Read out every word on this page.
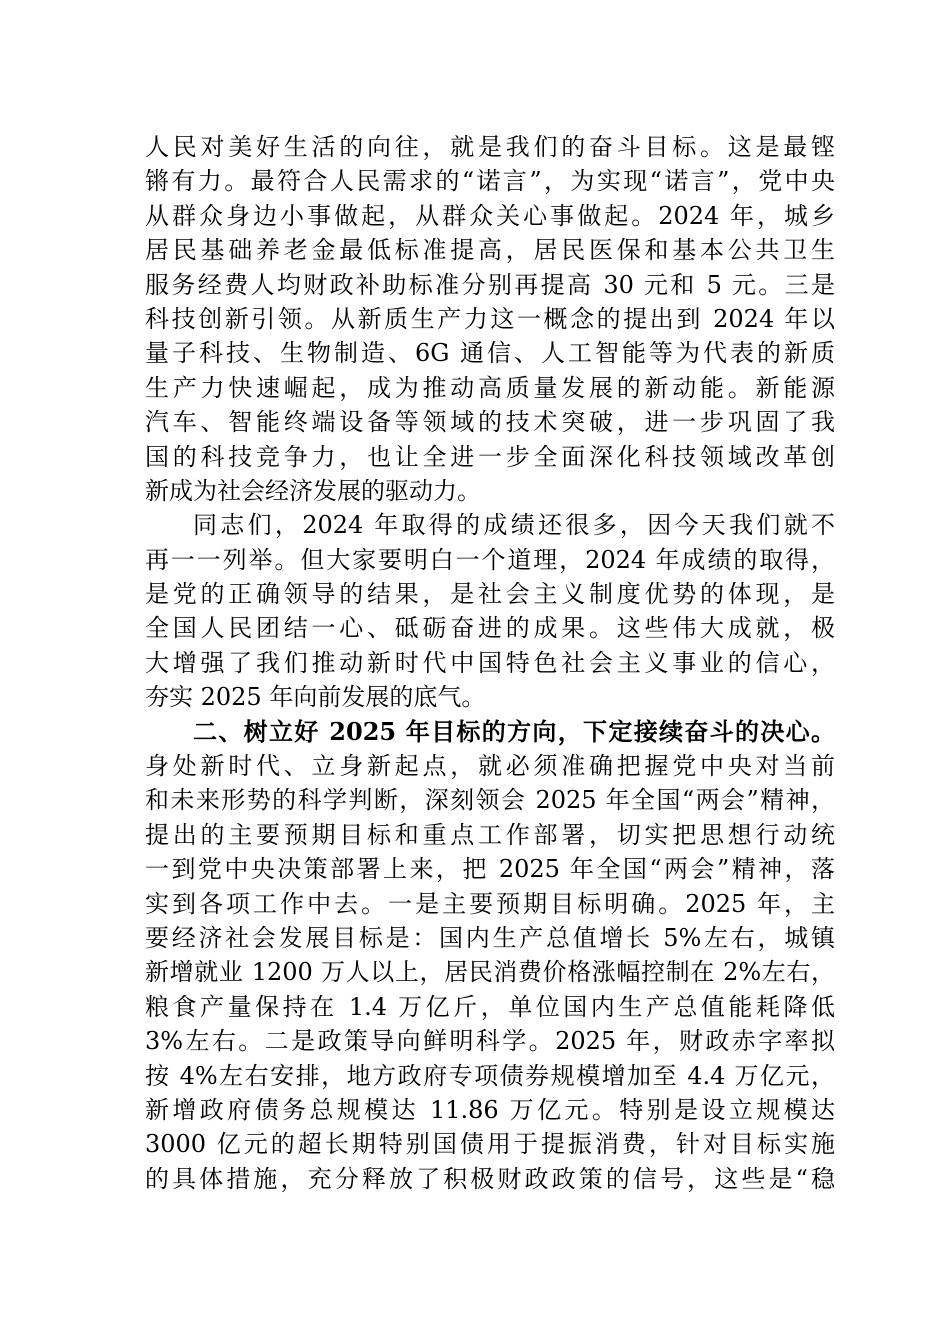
人民对美好生活的向往，就是我们的奋斗目标。这是最铿
锵有力。最符合人民需求的“诺言”，为实现“诺言”，党中央
从群众身边小事做起，从群众关心事做起。2024 年，城乡
居民基础养老金最低标准提高，居民医保和基本公共卫生
服务经费人均财政补助标准分别再提高 30 元和 5 元。三是
科技创新引领。从新质生产力这一概念的提出到 2024 年以
量子科技、生物制造、6G 通信、人工智能等为代表的新质
生产力快速崛起，成为推动高质量发展的新动能。新能源
汽车、智能终端设备等领域的技术突破，进一步巩固了我
国的科技竞争力，也让全进一步全面深化科技领域改革创
新成为社会经济发展的驱动力。
同志们，2024 年取得的成绩还很多，因今天我们就不
再一一列举。但大家要明白一个道理，2024 年成绩的取得，
是党的正确领导的结果，是社会主义制度优势的体现，是
全国人民团结一心、砥砺奋进的成果。这些伟大成就，极
大增强了我们推动新时代中国特色社会主义事业的信心，
夯实 2025 年向前发展的底气。
二、树立好 2025 年目标的方向，下定接续奋斗的决心。
身处新时代、立身新起点，就必须准确把握党中央对当前
和未来形势的科学判断，深刻领会 2025 年全国“两会”精神，
提出的主要预期目标和重点工作部署，切实把思想行动统
一到党中央决策部署上来，把 2025 年全国“两会”精神，落
实到各项工作中去。一是主要预期目标明确。2025 年，主
要经济社会发展目标是：国内生产总值增长 5%左右，城镇
新增就业 1200 万人以上，居民消费价格涨幅控制在 2%左右，
粮食产量保持在 1.4 万亿斤，单位国内生产总值能耗降低
3%左右。二是政策导向鲜明科学。2025 年，财政赤字率拟
按 4%左右安排，地方政府专项债券规模增加至 4.4 万亿元，
新增政府债务总规模达 11.86 万亿元。特别是设立规模达
3000 亿元的超长期特别国债用于提振消费，针对目标实施
的具体措施，充分释放了积极财政政策的信号，这些是“稳
